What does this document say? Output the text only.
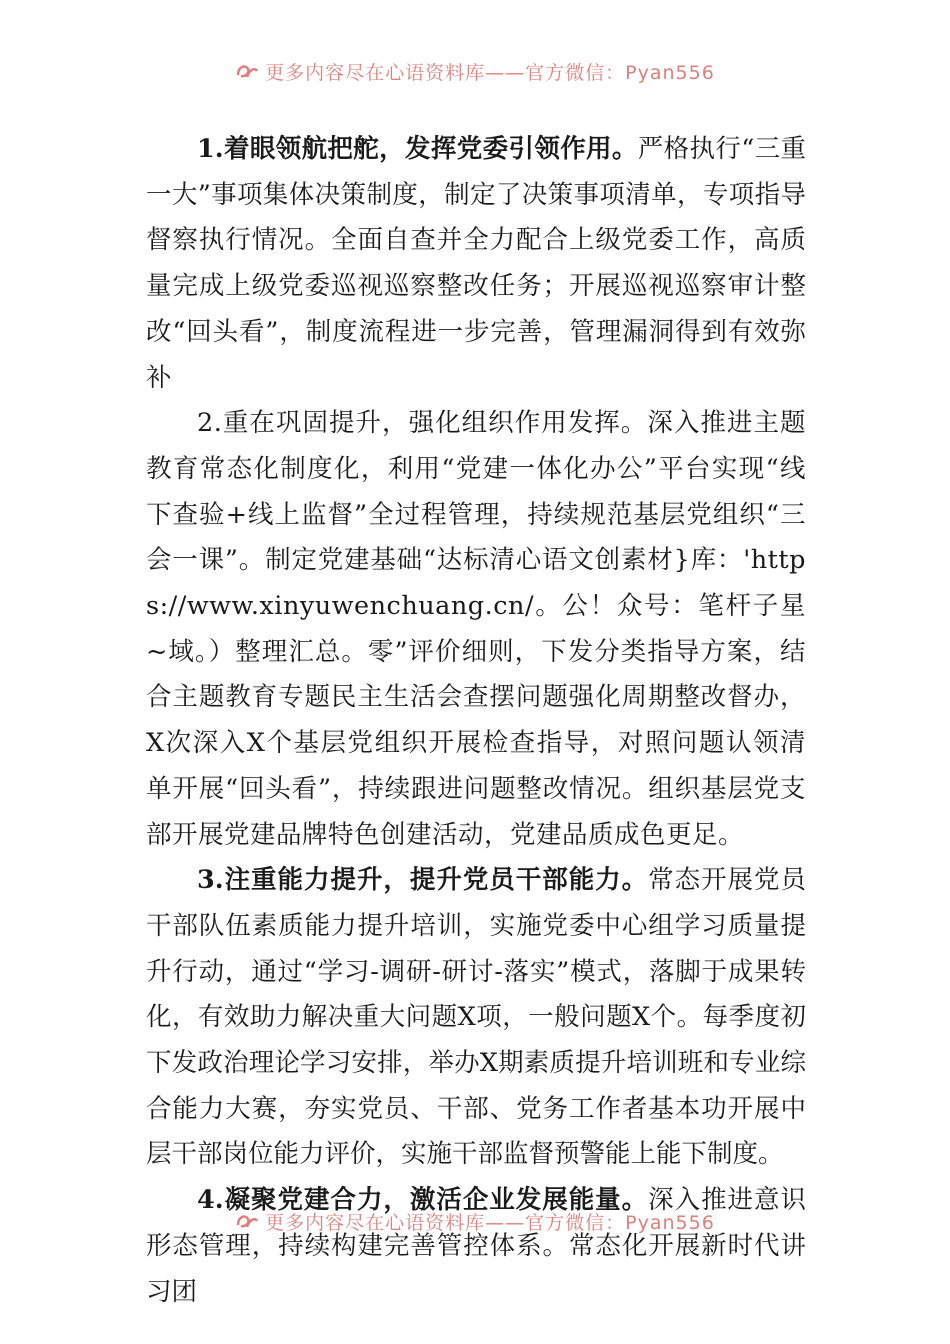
更多内容尽在心语资料库——官方微信：Pyan556

1.着眼领航把舵，发挥党委引领作用。严格执行“三重一大”事项集体决策制度，制定了决策事项清单，专项指导督察执行情况。全面自查并全力配合上级党委工作，高质量完成上级党委巡视巡察整改任务；开展巡视巡察审计整改“回头看”，制度流程进一步完善，管理漏洞得到有效弥补

2.重在巩固提升，强化组织作用发挥。深入推进主题教育常态化制度化，利用“党建一体化办公”平台实现“线下查验+线上监督”全过程管理，持续规范基层党组织“三会一课”。制定党建基础“达标清心语文创素材}库：'https://www.xinyuwenchuang.cn/。公！众号：笔杆子星~域。）整理汇总。零”评价细则，下发分类指导方案，结合主题教育专题民主生活会查摆问题强化周期整改督办，X次深入X个基层党组织开展检查指导，对照问题认领清单开展“回头看”，持续跟进问题整改情况。组织基层党支部开展党建品牌特色创建活动，党建品质成色更足。

3.注重能力提升，提升党员干部能力。常态开展党员干部队伍素质能力提升培训，实施党委中心组学习质量提升行动，通过“学习-调研-研讨-落实”模式，落脚于成果转化，有效助力解决重大问题X项，一般问题X个。每季度初下发政治理论学习安排，举办X期素质提升培训班和专业综合能力大赛，夯实党员、干部、党务工作者基本功开展中层干部岗位能力评价，实施干部监督预警能上能下制度。

4.凝聚党建合力，激活企业发展能量。深入推进意识形态管理，持续构建完善管控体系。常态化开展新时代讲习团

更多内容尽在心语资料库——官方微信：Pyan556
